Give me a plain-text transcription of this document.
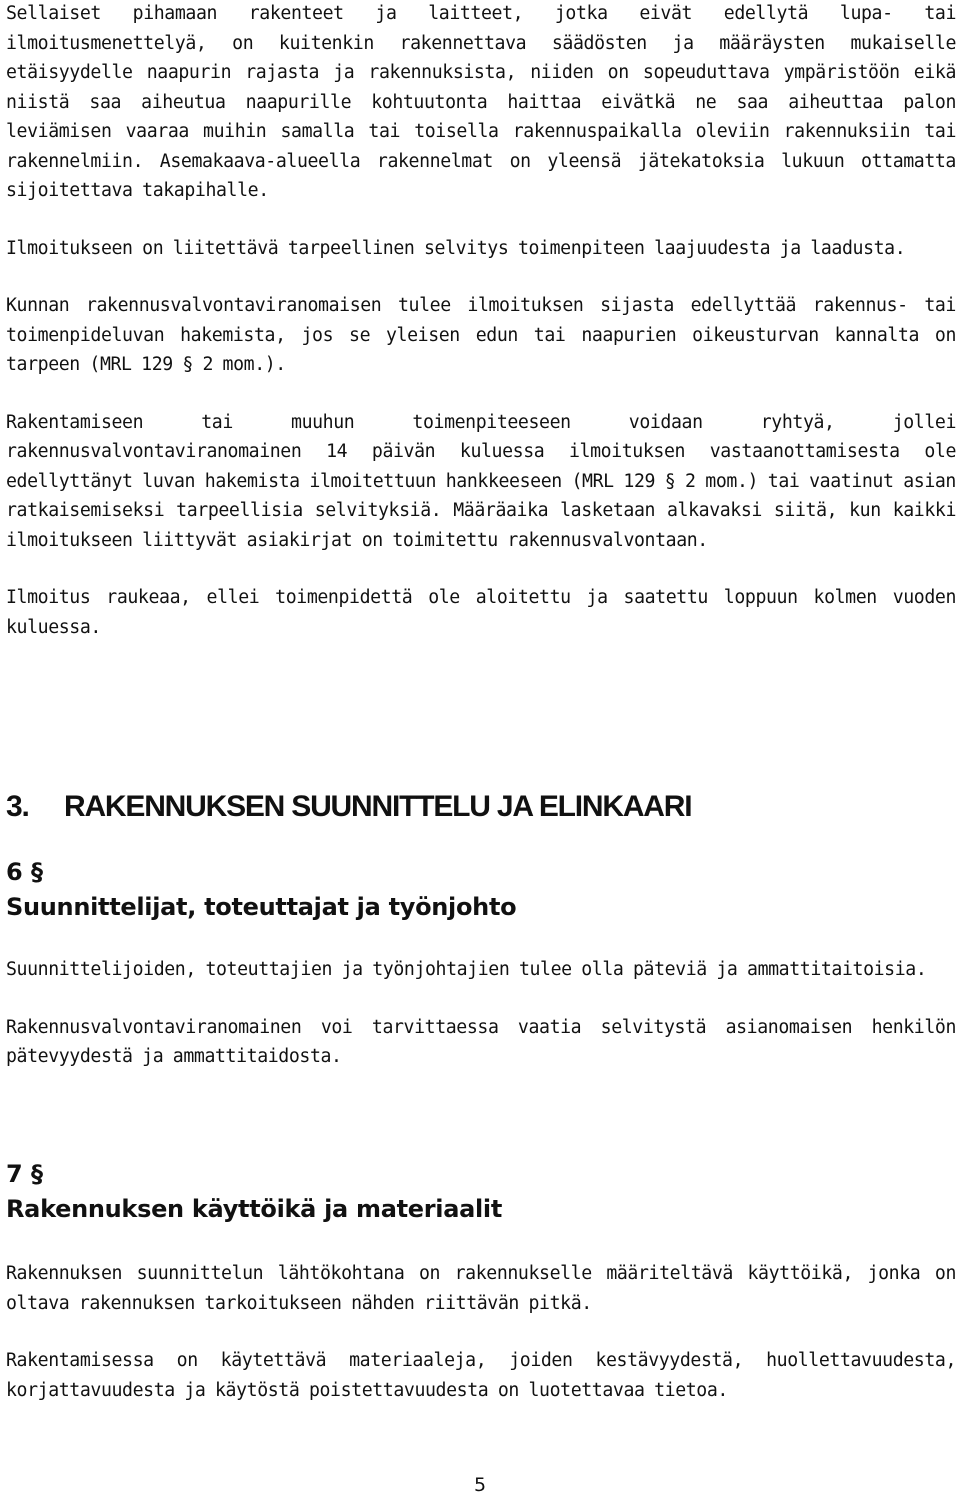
Sellaiset pihamaan rakenteet ja laitteet, jotka eivät edellytä lupa- tai ilmoitusmenettelyä, on kuitenkin rakennettava säädösten ja määräysten mukaiselle etäisyydelle naapurin rajasta ja rakennuksista, niiden on sopeuduttava ympäristöön eikä niistä saa aiheutua naapurille kohtuutonta haittaa eivätkä ne saa aiheuttaa palon leviämisen vaaraa muihin samalla tai toisella rakennuspaikalla oleviin rakennuksiin tai rakennelmiin. Asemakaava-alueella rakennelmat on yleensä jätekatoksia lukuun ottamatta sijoitettava takapihalle.

Ilmoitukseen on liitettävä tarpeellinen selvitys toimenpiteen laajuudesta ja laadusta.

Kunnan rakennusvalvontaviranomaisen tulee ilmoituksen sijasta edellyttää rakennus- tai toimenpideluvan hakemista, jos se yleisen edun tai naapurien oikeusturvan kannalta on tarpeen (MRL 129 § 2 mom.).

Rakentamiseen tai muuhun toimenpiteeseen voidaan ryhtyä, jollei rakennusvalvontaviranomainen 14 päivän kuluessa ilmoituksen vastaanottamisesta ole edellyttänyt luvan hakemista ilmoitettuun hankkeeseen (MRL 129 § 2 mom.) tai vaatinut asian ratkaisemiseksi tarpeellisia selvityksiä. Määräaika lasketaan alkavaksi siitä, kun kaikki ilmoitukseen liittyvät asiakirjat on toimitettu rakennusvalvontaan.

Ilmoitus raukeaa, ellei toimenpidettä ole aloitettu ja saatettu loppuun kolmen vuoden kuluessa.

3. RAKENNUKSEN SUUNNITTELU JA ELINKAARI
6 §
Suunnittelijat, toteuttajat ja työnjohto

Suunnittelijoiden, toteuttajien ja työnjohtajien tulee olla päteviä ja ammattitaitoisia.

Rakennusvalvontaviranomainen voi tarvittaessa vaatia selvitystä asianomaisen henkilön pätevyydestä ja ammattitaidosta.

7 §
Rakennuksen käyttöikä ja materiaalit

Rakennuksen suunnittelun lähtökohtana on rakennukselle määriteltävä käyttöikä, jonka on oltava rakennuksen tarkoitukseen nähden riittävän pitkä.

Rakentamisessa on käytettävä materiaaleja, joiden kestävyydestä, huollettavuudesta, korjattavuudesta ja käytöstä poistettavuudesta on luotettavaa tietoa.

5
